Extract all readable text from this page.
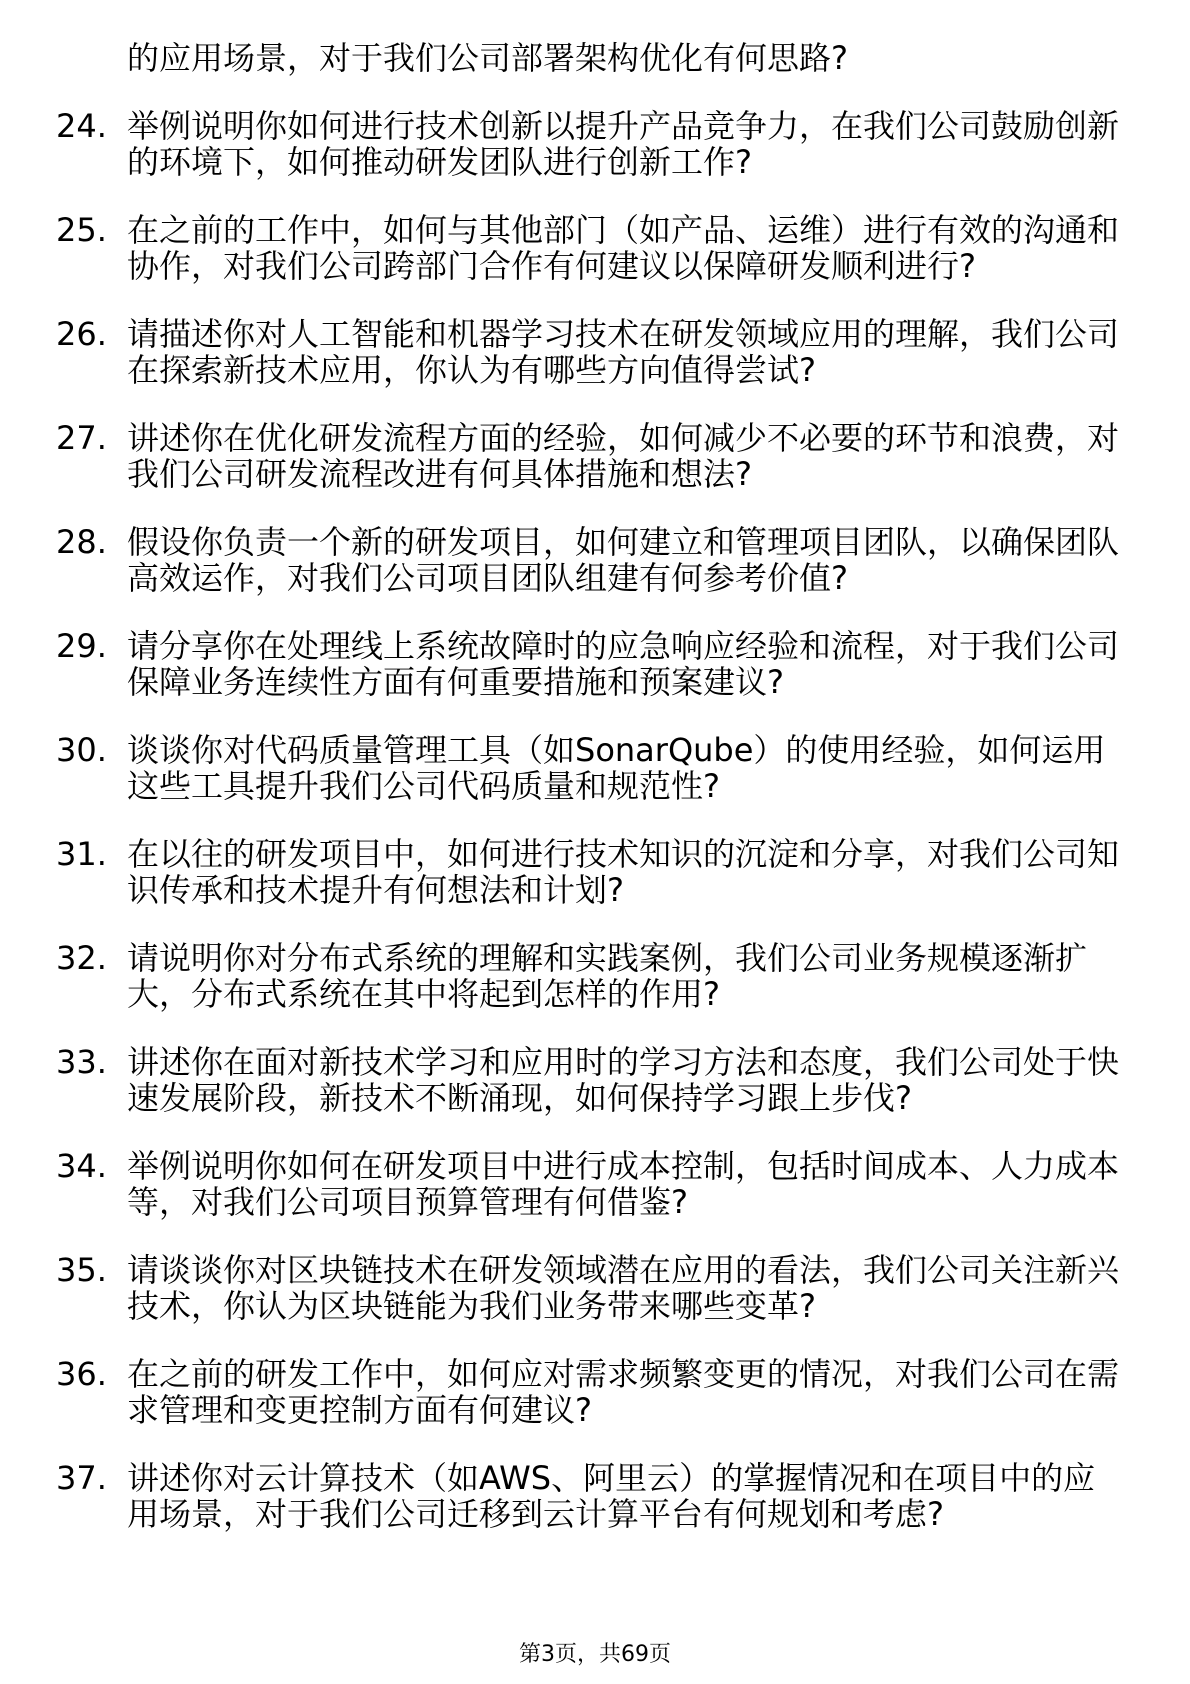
的应用场景，对于我们公司部署架构优化有何思路?
24. 举例说明你如何进行技术创新以提升产品竞争力，在我们公司鼓励创新的环境下，如何推动研发团队进行创新工作?
25. 在之前的工作中，如何与其他部门（如产品、运维）进行有效的沟通和协作，对我们公司跨部门合作有何建议以保障研发顺利进行?
26. 请描述你对人工智能和机器学习技术在研发领域应用的理解，我们公司在探索新技术应用，你认为有哪些方向值得尝试?
27. 讲述你在优化研发流程方面的经验，如何减少不必要的环节和浪费，对我们公司研发流程改进有何具体措施和想法?
28. 假设你负责一个新的研发项目，如何建立和管理项目团队，以确保团队高效运作，对我们公司项目团队组建有何参考价值?
29. 请分享你在处理线上系统故障时的应急响应经验和流程，对于我们公司保障业务连续性方面有何重要措施和预案建议?
30. 谈谈你对代码质量管理工具（如SonarQube）的使用经验，如何运用这些工具提升我们公司代码质量和规范性?
31. 在以往的研发项目中，如何进行技术知识的沉淀和分享，对我们公司知识传承和技术提升有何想法和计划?
32. 请说明你对分布式系统的理解和实践案例，我们公司业务规模逐渐扩大，分布式系统在其中将起到怎样的作用?
33. 讲述你在面对新技术学习和应用时的学习方法和态度，我们公司处于快速发展阶段，新技术不断涌现，如何保持学习跟上步伐?
34. 举例说明你如何在研发项目中进行成本控制，包括时间成本、人力成本等，对我们公司项目预算管理有何借鉴?
35. 请谈谈你对区块链技术在研发领域潜在应用的看法，我们公司关注新兴技术，你认为区块链能为我们业务带来哪些变革?
36. 在之前的研发工作中，如何应对需求频繁变更的情况，对我们公司在需求管理和变更控制方面有何建议?
37. 讲述你对云计算技术（如AWS、阿里云）的掌握情况和在项目中的应用场景，对于我们公司迁移到云计算平台有何规划和考虑?
第3页，共69页
